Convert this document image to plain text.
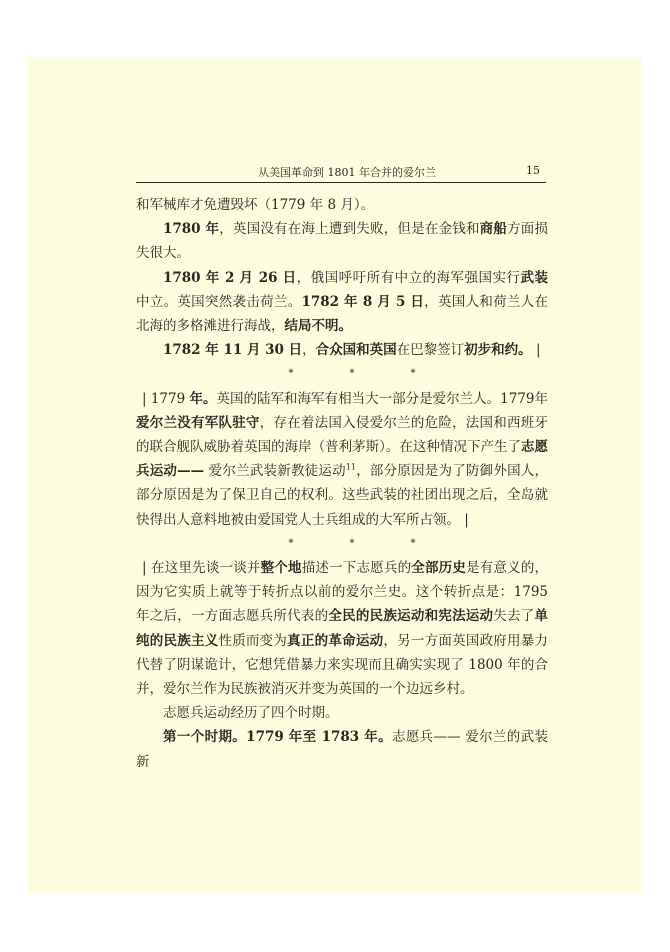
从美国革命到 1801 年合并的爱尔兰	15

和军械库才免遭毁坏（1779 年 8 月）。

1780 年，英国没有在海上遭到失败，但是在金钱和商船方面损失很大。

1780 年 2 月 26 日，俄国呼吁所有中立的海军强国实行武装中立。英国突然袭击荷兰。1782 年 8 月 5 日，英国人和荷兰人在北海的多格滩进行海战，结局不明。

1782 年 11 月 30 日，合众国和英国在巴黎签订初步和约。 |

*	*	*

| 1779 年。英国的陆军和海军有相当大一部分是爱尔兰人。1779年爱尔兰没有军队驻守，存在着法国入侵爱尔兰的危险，法国和西班牙的联合舰队威胁着英国的海岸（普利茅斯）。在这种情况下产生了志愿兵运动—— 爱尔兰武装新教徒运动$^{11}$，部分原因是为了防御外国人，部分原因是为了保卫自己的权利。这些武装的社团出现之后，全岛就快得出人意料地被由爱国党人士兵组成的大军所占领。 |

*	*	*

| 在这里先谈一谈并整个地描述一下志愿兵的全部历史是有意义的，因为它实质上就等于转折点以前的爱尔兰史。这个转折点是：1795 年之后，一方面志愿兵所代表的全民的民族运动和宪法运动失去了单纯的民族主义性质而变为真正的革命运动，另一方面英国政府用暴力代替了阴谋诡计，它想凭借暴力来实现而且确实实现了 1800 年的合并，爱尔兰作为民族被消灭并变为英国的一个边远乡村。

志愿兵运动经历了四个时期。

第一个时期。1779 年至 1783 年。志愿兵—— 爱尔兰的武装新
